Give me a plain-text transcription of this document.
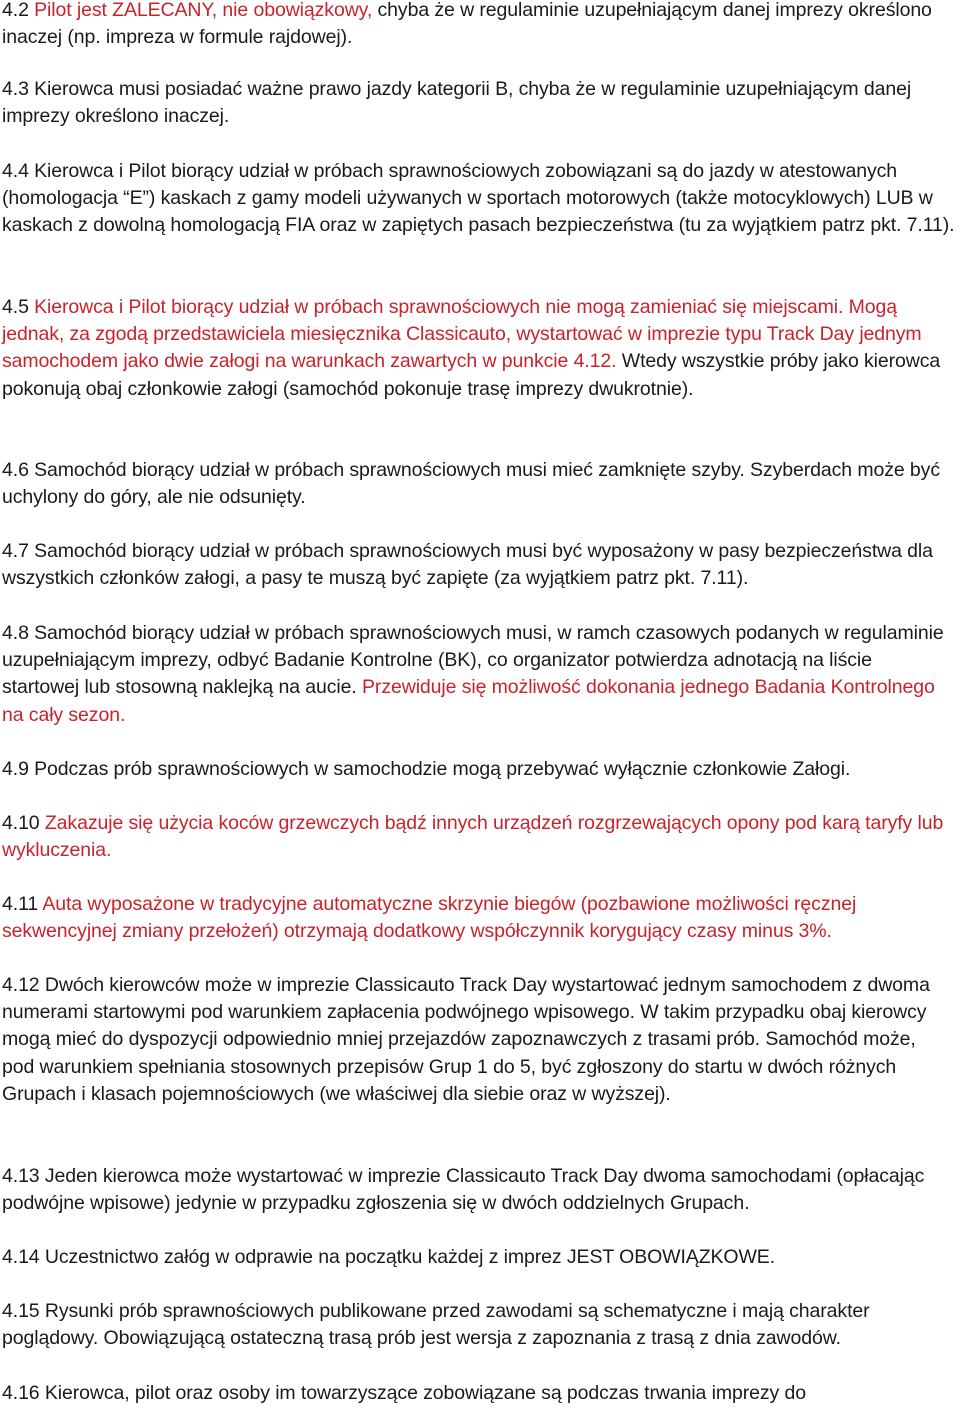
4.2 Pilot jest ZALECANY, nie obowiązkowy, chyba że w regulaminie uzupełniającym danej imprezy określono inaczej (np. impreza w formule rajdowej).

4.3 Kierowca musi posiadać ważne prawo jazdy kategorii B, chyba że w regulaminie uzupełniającym danej imprezy określono inaczej.

4.4 Kierowca i Pilot biorący udział w próbach sprawnościowych zobowiązani są do jazdy w atestowanych (homologacja “E”) kaskach z gamy modeli używanych w sportach motorowych (także motocyklowych) LUB w kaskach z dowolną homologacją FIA oraz w zapiętych pasach bezpieczeństwa (tu za wyjątkiem patrz pkt. 7.11).

4.5 Kierowca i Pilot biorący udział w próbach sprawnościowych nie mogą zamieniać się miejscami. Mogą jednak, za zgodą przedstawiciela miesięcznika Classicauto, wystartować w imprezie typu Track Day jednym samochodem jako dwie załogi na warunkach zawartych w punkcie 4.12. Wtedy wszystkie próby jako kierowca pokonują obaj członkowie załogi (samochód pokonuje trasę imprezy dwukrotnie).

4.6 Samochód biorący udział w próbach sprawnościowych musi mieć zamknięte szyby. Szyberdach może być uchylony do góry, ale nie odsunięty.

4.7 Samochód biorący udział w próbach sprawnościowych musi być wyposażony w pasy bezpieczeństwa dla wszystkich członków załogi, a pasy te muszą być zapięte (za wyjątkiem patrz pkt. 7.11).

4.8 Samochód biorący udział w próbach sprawnościowych musi, w ramch czasowych podanych w regulaminie uzupełniającym imprezy, odbyć Badanie Kontrolne (BK), co organizator potwierdza adnotacją na liście startowej lub stosowną naklejką na aucie. Przewiduje się możliwość dokonania jednego Badania Kontrolnego na cały sezon.

4.9 Podczas prób sprawnościowych w samochodzie mogą przebywać wyłącznie członkowie Załogi.

4.10 Zakazuje się użycia koców grzewczych bądź innych urządzeń rozgrzewających opony pod karą taryfy lub wykluczenia.

4.11 Auta wyposażone w tradycyjne automatyczne skrzynie biegów (pozbawione możliwości ręcznej sekwencyjnej zmiany przełożeń) otrzymają dodatkowy współczynnik korygujący czasy minus 3%.

4.12 Dwóch kierowców może w imprezie Classicauto Track Day wystartować jednym samochodem z dwoma numerami startowymi pod warunkiem zapłacenia podwójnego wpisowego. W takim przypadku obaj kierowcy mogą mieć do dyspozycji odpowiednio mniej przejazdów zapoznawczych z trasami prób. Samochód może, pod warunkiem spełniania stosownych przepisów Grup 1 do 5, być zgłoszony do startu w dwóch różnych Grupach i klasach pojemnościowych (we właściwej dla siebie oraz w wyższej).

4.13 Jeden kierowca może wystartować w imprezie Classicauto Track Day dwoma samochodami (opłacając podwójne wpisowe) jedynie w przypadku zgłoszenia się w dwóch oddzielnych Grupach.

4.14 Uczestnictwo załóg w odprawie na początku każdej z imprez JEST OBOWIĄZKOWE.

4.15 Rysunki prób sprawnościowych publikowane przed zawodami są schematyczne i mają charakter poglądowy. Obowiązującą ostateczną trasą prób jest wersja z zapoznania z trasą z dnia zawodów.

4.16 Kierowca, pilot oraz osoby im towarzyszące zobowiązane są podczas trwania imprezy do
